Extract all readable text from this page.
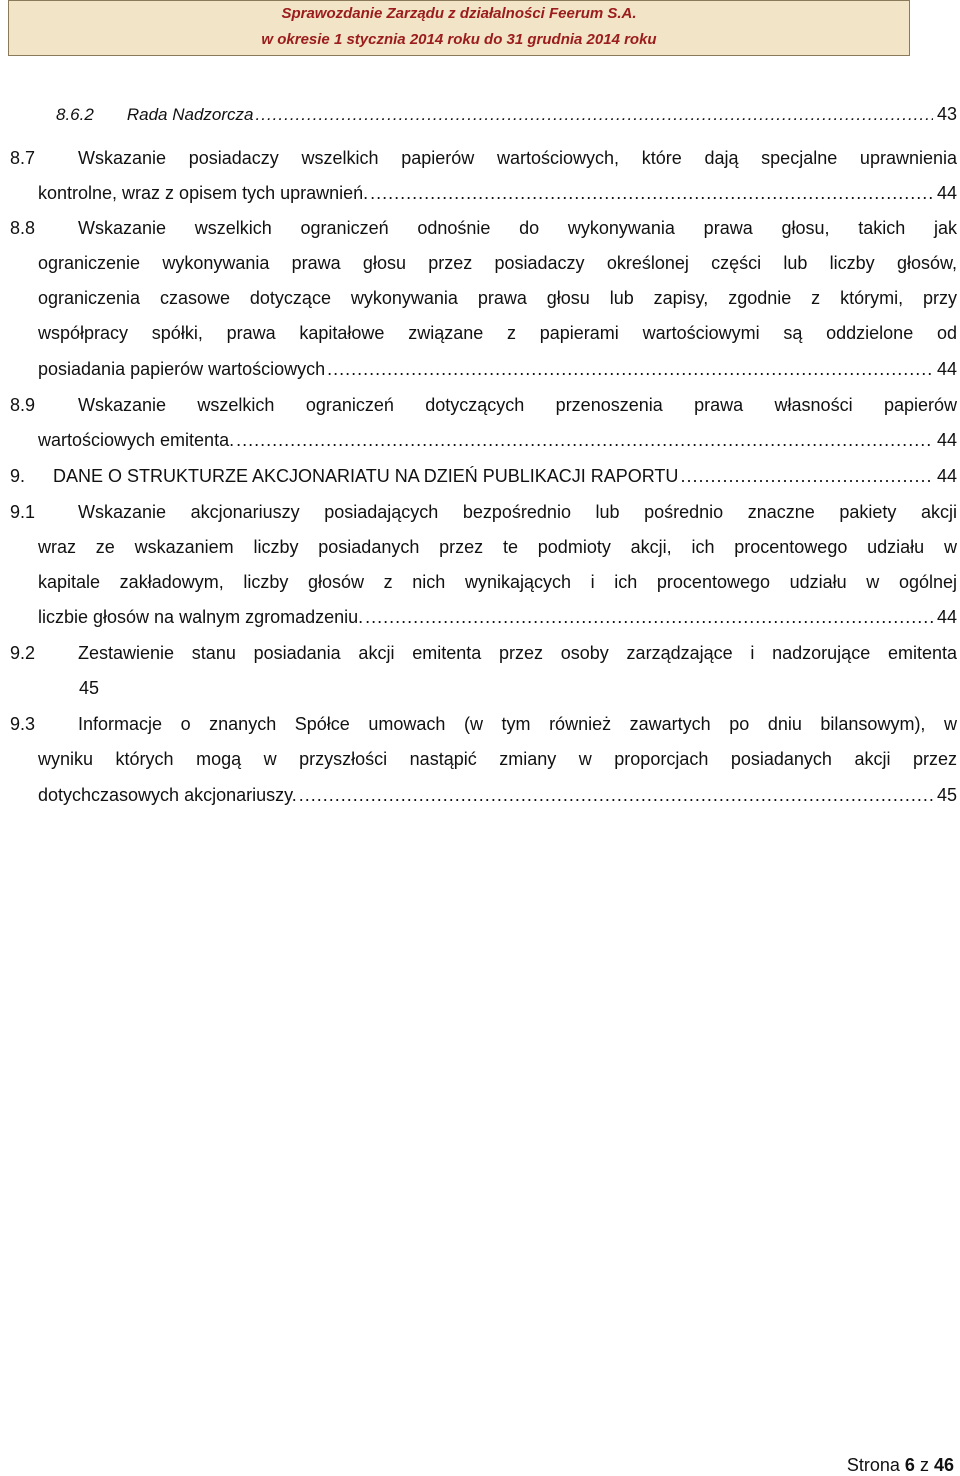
Sprawozdanie Zarządu z działalności Feerum S.A.
w okresie 1 stycznia 2014 roku do 31 grudnia 2014 roku
8.6.2 Rada Nadzorcza .....	43
8.7 Wskazanie posiadaczy wszelkich papierów wartościowych, które dają specjalne uprawnienia
kontrolne, wraz z opisem tych uprawnień. .....	44
8.8 Wskazanie wszelkich ograniczeń odnośnie do wykonywania prawa głosu, takich jak
ograniczenie wykonywania prawa głosu przez posiadaczy określonej części lub liczby głosów,
ograniczenia czasowe dotyczące wykonywania prawa głosu lub zapisy, zgodnie z którymi, przy
współpracy spółki, prawa kapitałowe związane z papierami wartościowymi są oddzielone od
posiadania papierów wartościowych .....	44
8.9 Wskazanie wszelkich ograniczeń dotyczących przenoszenia prawa własności papierów
wartościowych emitenta. .....	44
9. DANE O STRUKTURZE AKCJONARIATU NA DZIEŃ PUBLIKACJI RAPORTU .....	44
9.1 Wskazanie akcjonariuszy posiadających bezpośrednio lub pośrednio znaczne pakiety akcji
wraz ze wskazaniem liczby posiadanych przez te podmioty akcji, ich procentowego udziału w
kapitale zakładowym, liczby głosów z nich wynikających i ich procentowego udziału w ogólnej
liczbie głosów na walnym zgromadzeniu. .....	44
9.2 Zestawienie stanu posiadania akcji emitenta przez osoby zarządzające i nadzorujące emitenta
45
9.3 Informacje o znanych Spółce umowach (w tym również zawartych po dniu bilansowym), w
wyniku których mogą w przyszłości nastąpić zmiany w proporcjach posiadanych akcji przez
dotychczasowych akcjonariuszy. .....	45
Strona 6 z 46
